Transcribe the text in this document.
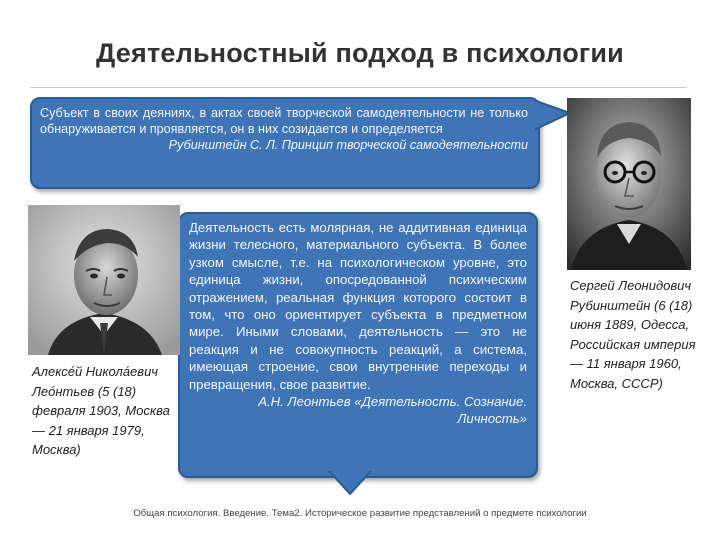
Деятельностный подход в психологии
Субъект в своих деяниях, в актах своей творческой самодеятельности не только обнаруживается и проявляется, он в них созидается и определяется
Рубинштейн С. Л. Принцип творческой самодеятельности
Деятельность есть молярная, не аддитивная единица жизни телесного, материального субъекта. В более узком смысле, т.е. на психологическом уровне, это единица жизни, опосредованной психическим отражением, реальная функция которого состоит в том, что оно ориентирует субъекта в предметном мире. Иными словами, деятельность — это не реакция и не совокупность реакций, а система, имеющая строение, свои внутренние переходы и превращения, свое развитие.
А.Н. Леонтьев «Деятельность. Сознание. Личность»
Алексе́й Никола́евич Лео́нтьев (5 (18) февраля 1903, Москва — 21 января 1979, Москва)
Сергей Леонидович Рубинштейн (6 (18) июня 1889, Одесса, Российская империя — 11 января 1960, Москва, СССР)
Общая психология. Введение. Тема2. Историческое развитие представлений о предмете психологии
